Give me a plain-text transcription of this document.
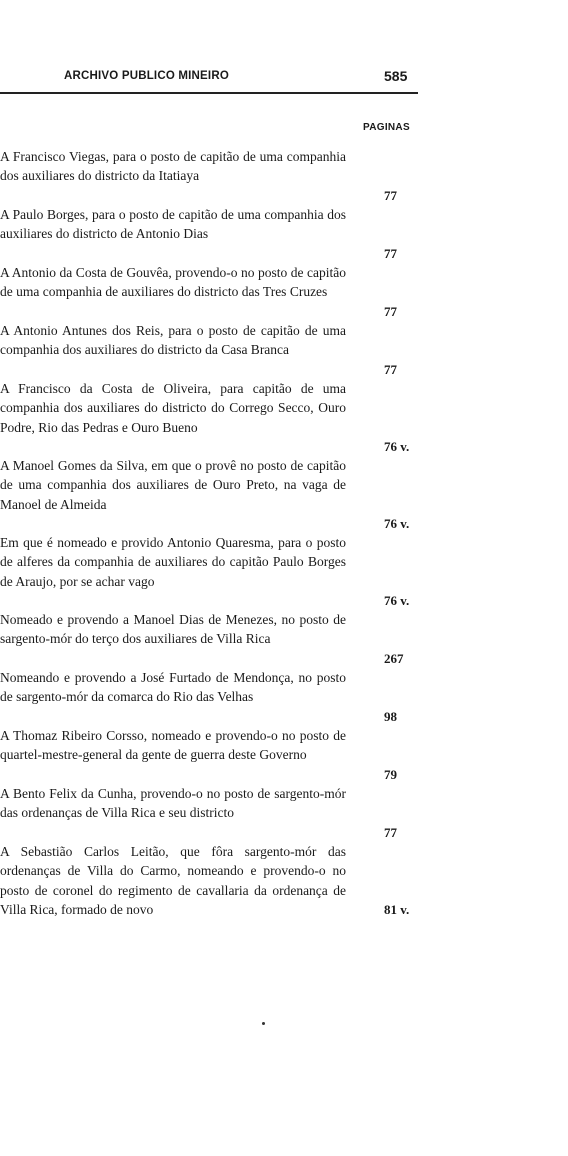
ARCHIVO PUBLICO MINEIRO	585
PAGINAS

A Francisco Viegas, para o posto de capitão de uma companhia dos auxiliares do districto da Itatiaya

77

A Paulo Borges, para o posto de capitão de uma companhia dos auxiliares do districto de Antonio Dias

77

A Antonio da Costa de Gouvêa, provendo-o no posto de capitão de uma companhia de auxiliares do districto das Tres Cruzes

77

A Antonio Antunes dos Reis, para o posto de capitão de uma companhia dos auxiliares do districto da Casa Branca

77

A Francisco da Costa de Oliveira, para capitão de uma companhia dos auxiliares do districto do Corrego Secco, Ouro Podre, Rio das Pedras e Ouro Bueno

76 v.

A Manoel Gomes da Silva, em que o provê no posto de capitão de uma companhia dos auxiliares de Ouro Preto, na vaga de Manoel de Almeida

76 v.

Em que é nomeado e provido Antonio Quaresma, para o posto de alferes da companhia de auxiliares do capitão Paulo Borges de Araujo, por se achar vago

76 v.

Nomeado e provendo a Manoel Dias de Menezes, no posto de sargento-mór do terço dos auxiliares de Villa Rica

267

Nomeando e provendo a José Furtado de Mendonça, no posto de sargento-mór da comarca do Rio das Velhas

98

A Thomaz Ribeiro Corsso, nomeado e provendo-o no posto de quartel-mestre-general da gente de guerra deste Governo

79

A Bento Felix da Cunha, provendo-o no posto de sargento-mór das ordenanças de Villa Rica e seu districto

77

A Sebastião Carlos Leitão, que fôra sargento-mór das ordenanças de Villa do Carmo, nomeando e provendo-o no posto de coronel do regimento de cavallaria da ordenança de Villa Rica, formado de novo	81 v.
